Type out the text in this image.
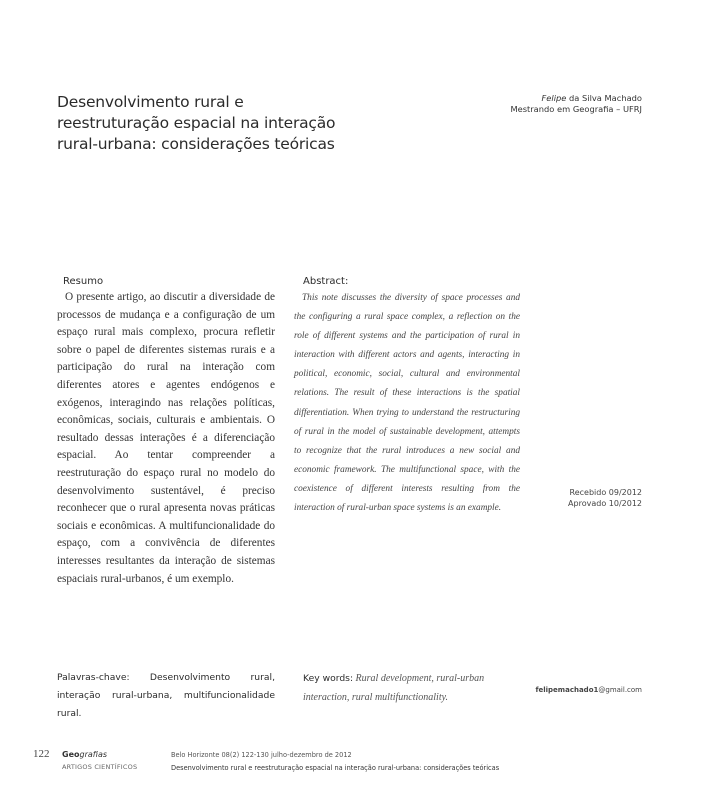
Desenvolvimento rural e reestruturação espacial na interação rural-urbana: considerações teóricas
Felipe da Silva Machado
Mestrando em Geografia – UFRJ
Resumo
O presente artigo, ao discutir a diversidade de processos de mudança e a configuração de um espaço rural mais complexo, procura refletir sobre o papel de diferentes sistemas rurais e a participação do rural na interação com diferentes atores e agentes endógenos e exógenos, interagindo nas relações políticas, econômicas, sociais, culturais e ambientais. O resultado dessas interações é a diferenciação espacial. Ao tentar compreender a reestruturação do espaço rural no modelo do desenvolvimento sustentável, é preciso reconhecer que o rural apresenta novas práticas sociais e econômicas. A multifuncionalidade do espaço, com a convivência de diferentes interesses resultantes da interação de sistemas espaciais rural-urbanos, é um exemplo.
Abstract:
This note discusses the diversity of space processes and the configuring a rural space complex, a reflection on the role of different systems and the participation of rural in interaction with different actors and agents, interacting in political, economic, social, cultural and environmental relations. The result of these interactions is the spatial differentiation. When trying to understand the restructuring of rural in the model of sustainable development, attempts to recognize that the rural introduces a new social and economic framework. The multifunctional space, with the coexistence of different interests resulting from the interaction of rural-urban space systems is an example.
Recebido 09/2012
Aprovado 10/2012
Palavras-chave: Desenvolvimento rural, interação rural-urbana, multifuncionalidade rural.
Key words: Rural development, rural-urban interaction, rural multifunctionality.
felipemachado1@gmail.com
122 Geografias
ARTIGOS CIENTÍFICOS
Belo Horizonte 08(2) 122-130 julho-dezembro de 2012
Desenvolvimento rural e reestruturação espacial na interação rural-urbana: considerações teóricas
